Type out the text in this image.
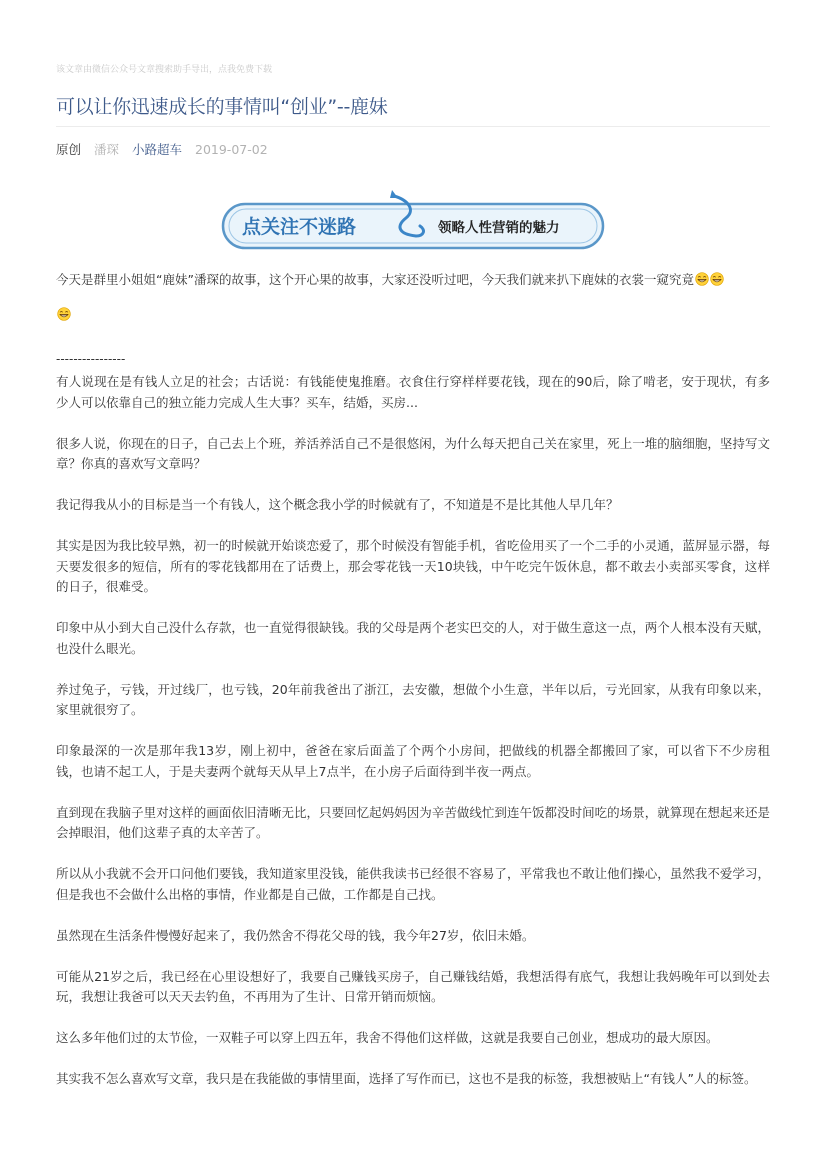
该文章由微信公众号文章搜索助手导出，点我免费下载
可以让你迅速成长的事情叫“创业”--鹿妹
原创 潘琛 小路超车 2019-07-02
点关注不迷路	领略人性营销的魅力
今天是群里小姐姐“鹿妹”潘琛的故事，这个开心果的故事，大家还没听过吧，今天我们就来扒下鹿妹的衣裳一窥究竟
----------------

有人说现在是有钱人立足的社会；古话说：有钱能使鬼推磨。衣食住行穿样样要花钱，现在的90后，除了啃老，安于现状，有多少人可以依靠自己的独立能力完成人生大事？买车，结婚，买房...

很多人说，你现在的日子，自己去上个班，养活养活自己不是很悠闲，为什么每天把自己关在家里，死上一堆的脑细胞，坚持写文章？你真的喜欢写文章吗？

我记得我从小的目标是当一个有钱人，这个概念我小学的时候就有了，不知道是不是比其他人早几年？

其实是因为我比较早熟，初一的时候就开始谈恋爱了，那个时候没有智能手机，省吃俭用买了一个二手的小灵通，蓝屏显示器，每天要发很多的短信，所有的零花钱都用在了话费上，那会零花钱一天10块钱，中午吃完午饭休息，都不敢去小卖部买零食，这样的日子，很难受。

印象中从小到大自己没什么存款，也一直觉得很缺钱。我的父母是两个老实巴交的人，对于做生意这一点，两个人根本没有天赋，也没什么眼光。

养过兔子，亏钱，开过线厂，也亏钱，20年前我爸出了浙江，去安徽，想做个小生意，半年以后，亏光回家，从我有印象以来，家里就很穷了。

印象最深的一次是那年我13岁，刚上初中，爸爸在家后面盖了个两个小房间，把做线的机器全都搬回了家，可以省下不少房租钱，也请不起工人，于是夫妻两个就每天从早上7点半，在小房子后面待到半夜一两点。

直到现在我脑子里对这样的画面依旧清晰无比，只要回忆起妈妈因为辛苦做线忙到连午饭都没时间吃的场景，就算现在想起来还是会掉眼泪，他们这辈子真的太辛苦了。

所以从小我就不会开口问他们要钱，我知道家里没钱，能供我读书已经很不容易了，平常我也不敢让他们操心，虽然我不爱学习，但是我也不会做什么出格的事情，作业都是自己做，工作都是自己找。

虽然现在生活条件慢慢好起来了，我仍然舍不得花父母的钱，我今年27岁，依旧未婚。

可能从21岁之后，我已经在心里设想好了，我要自己赚钱买房子，自己赚钱结婚，我想活得有底气，我想让我妈晚年可以到处去玩，我想让我爸可以天天去钓鱼，不再用为了生计、日常开销而烦恼。

这么多年他们过的太节俭，一双鞋子可以穿上四五年，我舍不得他们这样做，这就是我要自己创业，想成功的最大原因。

其实我不怎么喜欢写文章，我只是在我能做的事情里面，选择了写作而已，这也不是我的标签，我想被贴上“有钱人”人的标签。
